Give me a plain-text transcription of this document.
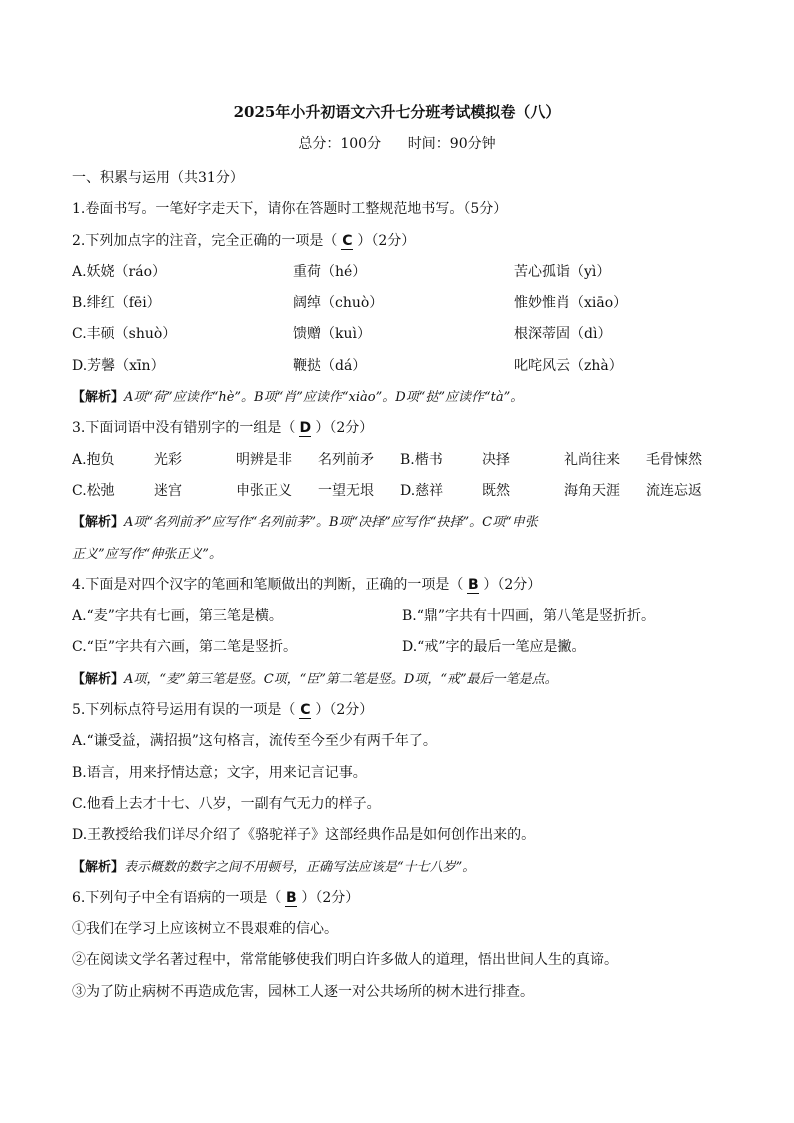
2025年小升初语文六升七分班考试模拟卷（八）
总分：100分 时间：90分钟
一、积累与运用（共31分）
1.卷面书写。一笔好字走天下，请你在答题时工整规范地书写。（5分）
2.下列加点字的注音，完全正确的一项是（ C ）（2分）
A.妖娆（ráo）	重荷（hé）	苦心孤诣（yì）
B.绯红（fēi）	阔绰（chuò）	惟妙惟肖（xiāo）
C.丰硕（shuò）	馈赠（kuì）	根深蒂固（dì）
D.芳馨（xīn）	鞭挞（dá）	叱咤风云（zhà）
【解析】A项“荷”应读作“hè”。B项“肖”应读作“xiào”。D项“挞”应读作“tà”。
3.下面词语中没有错别字的一组是（ D ）（2分）
A.抱负	光彩	明辨是非	名列前矛	B.楷书	决择	礼尚往来	毛骨悚然
C.松弛	迷宫	申张正义	一望无垠	D.慈祥	既然	海角天涯	流连忘返
【解析】A项“名列前矛”应写作“名列前茅”。B项“决择”应写作“抉择”。C项“申张
正义”应写作“伸张正义”。
4.下面是对四个汉字的笔画和笔顺做出的判断，正确的一项是（ B ）（2分）
A.“麦”字共有七画，第三笔是横。	B.“鼎”字共有十四画，第八笔是竖折折。
C.“臣”字共有六画，第二笔是竖折。	D.“戒”字的最后一笔应是撇。
【解析】A项，“麦”第三笔是竖。C项，“臣”第二笔是竖。D项，“戒”最后一笔是点。
5.下列标点符号运用有误的一项是（ C ）（2分）
A.“谦受益，满招损”这句格言，流传至今至少有两千年了。
B.语言，用来抒情达意；文字，用来记言记事。
C.他看上去才十七、八岁，一副有气无力的样子。
D.王教授给我们详尽介绍了《骆驼祥子》这部经典作品是如何创作出来的。
【解析】表示概数的数字之间不用顿号，正确写法应该是“十七八岁”。
6.下列句子中全有语病的一项是（ B ）（2分）
①我们在学习上应该树立不畏艰难的信心。
②在阅读文学名著过程中，常常能够使我们明白许多做人的道理，悟出世间人生的真谛。
③为了防止病树不再造成危害，园林工人逐一对公共场所的树木进行排查。
